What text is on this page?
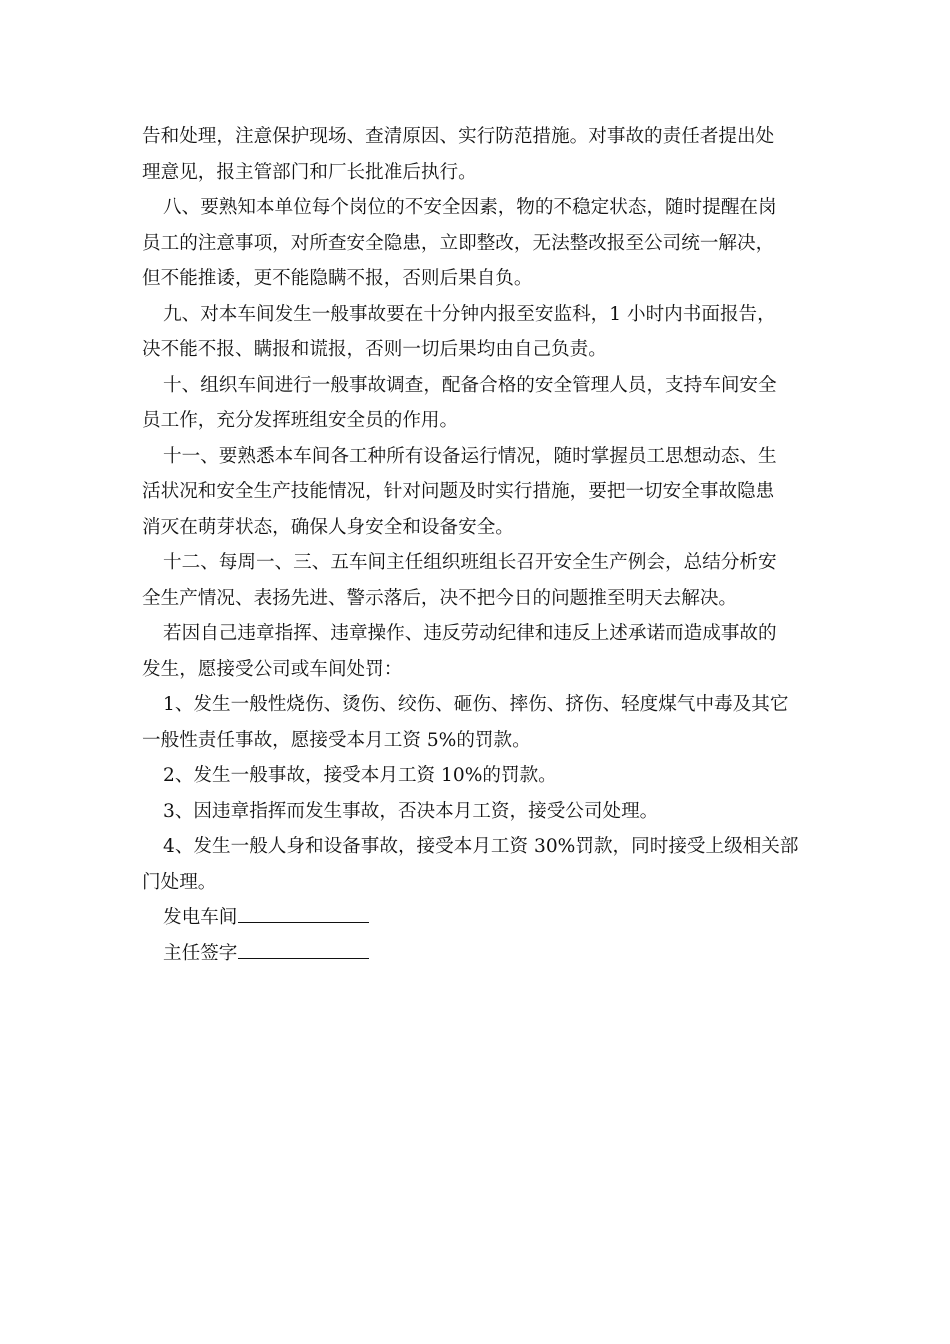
告和处理，注意保护现场、查清原因、实行防范措施。对事故的责任者提出处
理意见，报主管部门和厂长批准后执行。
八、要熟知本单位每个岗位的不安全因素，物的不稳定状态，随时提醒在岗
员工的注意事项，对所查安全隐患，立即整改，无法整改报至公司统一解决，
但不能推诿，更不能隐瞒不报，否则后果自负。
九、对本车间发生一般事故要在十分钟内报至安监科，1 小时内书面报告，
决不能不报、瞒报和谎报，否则一切后果均由自己负责。
十、组织车间进行一般事故调查，配备合格的安全管理人员，支持车间安全
员工作，充分发挥班组安全员的作用。
十一、要熟悉本车间各工种所有设备运行情况，随时掌握员工思想动态、生
活状况和安全生产技能情况，针对问题及时实行措施，要把一切安全事故隐患
消灭在萌芽状态，确保人身安全和设备安全。
十二、每周一、三、五车间主任组织班组长召开安全生产例会，总结分析安
全生产情况、表扬先进、警示落后，决不把今日的问题推至明天去解决。
若因自己违章指挥、违章操作、违反劳动纪律和违反上述承诺而造成事故的
发生，愿接受公司或车间处罚：
1、发生一般性烧伤、烫伤、绞伤、砸伤、摔伤、挤伤、轻度煤气中毒及其它
一般性责任事故，愿接受本月工资 5%的罚款。
2、发生一般事故，接受本月工资 10%的罚款。
3、因违章指挥而发生事故，否决本月工资，接受公司处理。
4、发生一般人身和设备事故，接受本月工资 30%罚款，同时接受上级相关部
门处理。
发电车间
主任签字
